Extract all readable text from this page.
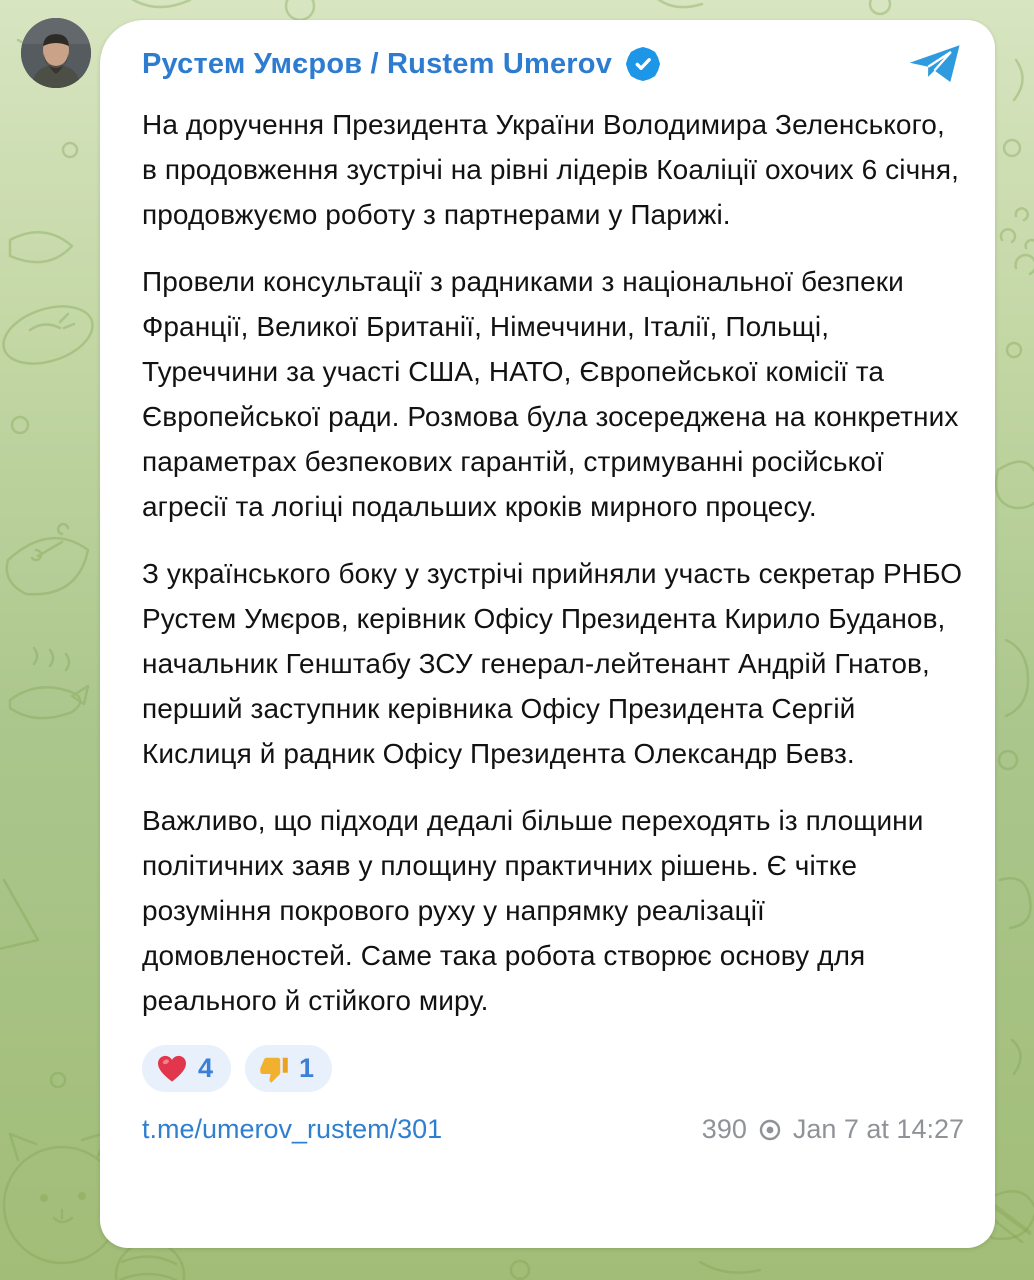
Рустем Умєров / Rustem Umerov

На доручення Президента України Володимира Зеленського, в продовження зустрічі на рівні лідерів Коаліції охочих 6 січня, продовжуємо роботу з партнерами у Парижі.

Провели консультації з радниками з національної безпеки Франції, Великої Британії, Німеччини, Італії, Польщі, Туреччини за участі США, НАТО, Європейської комісії та Європейської ради. Розмова була зосереджена на конкретних параметрах безпекових гарантій, стримуванні російської агресії та логіці подальших кроків мирного процесу.

З українського боку у зустрічі прийняли участь секретар РНБО Рустем Умєров, керівник Офісу Президента Кирило Буданов, начальник Генштабу ЗСУ генерал-лейтенант Андрій Гнатов, перший заступник керівника Офісу Президента Сергій Кислиця й радник Офісу Президента Олександр Бевз.

Важливо, що підходи дедалі більше переходять із площини політичних заяв у площину практичних рішень. Є чітке розуміння покрового руху у напрямку реалізації домовленостей. Саме така робота створює основу для реального й стійкого миру.

4	1
t.me/umerov_rustem/301	390 Jan 7 at 14:27
